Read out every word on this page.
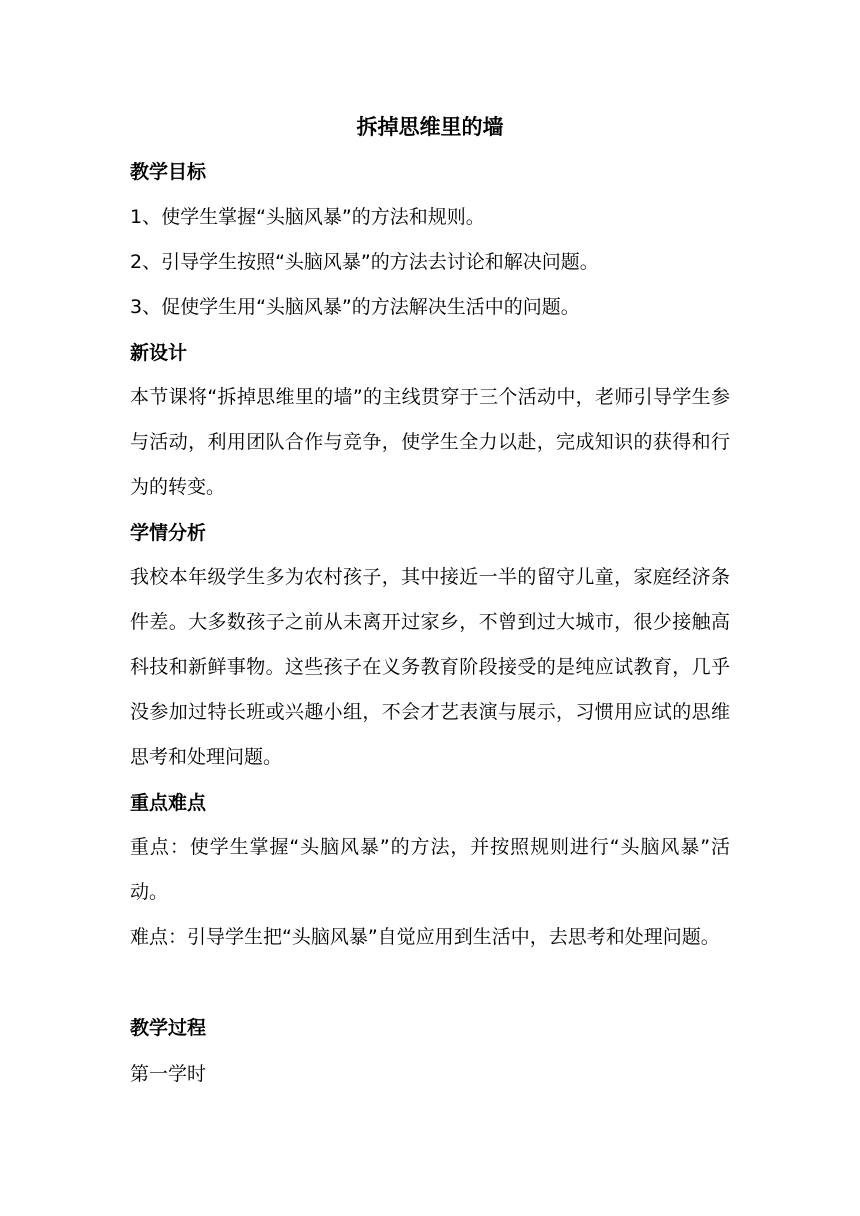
拆掉思维里的墙
教学目标
1、使学生掌握“头脑风暴”的方法和规则。
2、引导学生按照“头脑风暴”的方法去讨论和解决问题。
3、促使学生用“头脑风暴”的方法解决生活中的问题。
新设计
本节课将“拆掉思维里的墙”的主线贯穿于三个活动中，老师引导学生参与活动，利用团队合作与竞争，使学生全力以赴，完成知识的获得和行为的转变。
学情分析
我校本年级学生多为农村孩子，其中接近一半的留守儿童，家庭经济条件差。大多数孩子之前从未离开过家乡，不曾到过大城市，很少接触高科技和新鲜事物。这些孩子在义务教育阶段接受的是纯应试教育，几乎没参加过特长班或兴趣小组，不会才艺表演与展示，习惯用应试的思维思考和处理问题。
重点难点
重点：使学生掌握“头脑风暴”的方法，并按照规则进行“头脑风暴”活动。
难点：引导学生把“头脑风暴”自觉应用到生活中，去思考和处理问题。
教学过程
第一学时
